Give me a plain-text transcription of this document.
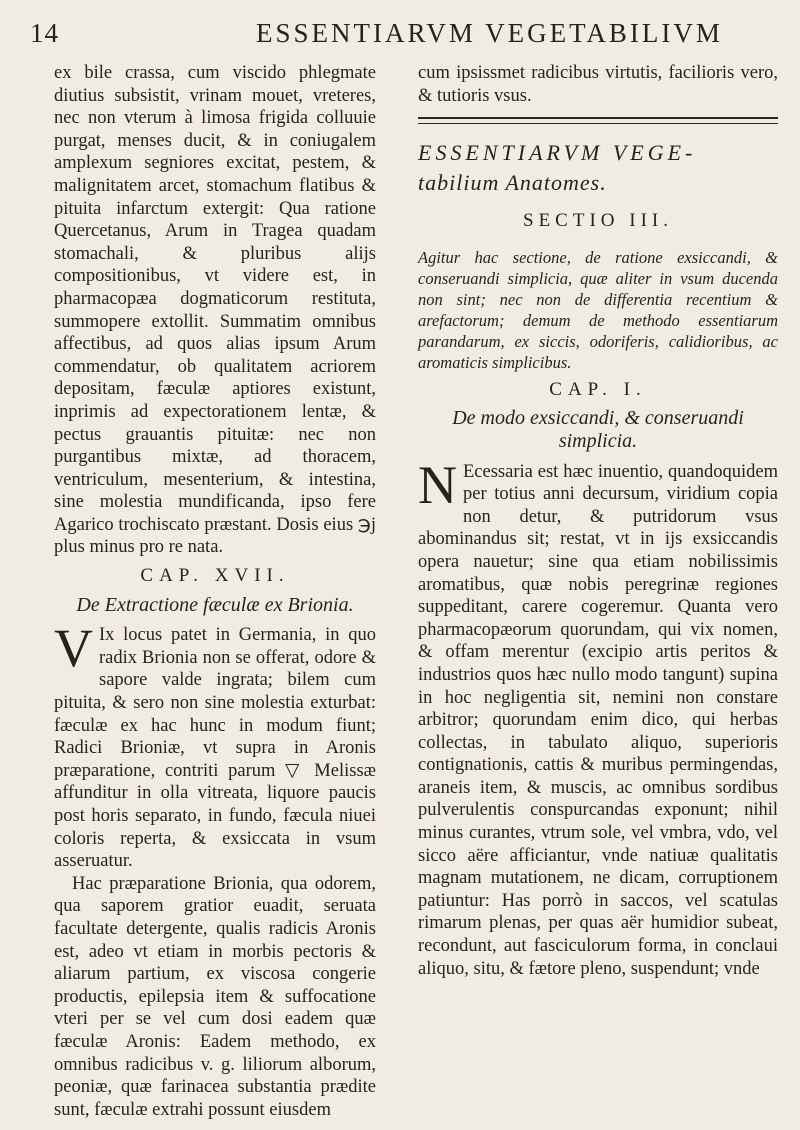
14	ESSENTIARVM VEGETABILIVM

ex bile crassa, cum viscido phlegmate diutius subsistit, vrinam mouet, vreteres, nec non vterum à limosa frigida colluuie purgat, menses ducit, & in coniugalem amplexum segniores excitat, pestem, & malignitatem arcet, stomachum flatibus & pituita infarctum extergit: Qua ratione Quercetanus, Arum in Tragea quadam stomachali, & pluribus alijs compositionibus, vt videre est, in pharmacopæa dogmaticorum restituta, summopere extollit. Summatim omnibus affectibus, ad quos alias ipsum Arum commendatur, ob qualitatem acriorem depositam, fæculæ aptiores existunt, inprimis ad expectorationem lentæ, & pectus grauantis pituitæ: nec non purgantibus mixtæ, ad thoracem, ventriculum, mesenterium, & intestina, sine molestia mundificanda, ipso fere Agarico trochiscato præstant. Dosis eius ℈j plus minus pro re nata.

CAP. XVII.
De Extractione fæculæ ex Brionia.

V Ix locus patet in Germania, in quo radix Brionia non se offerat, odore & sapore valde ingrata; bilem cum pituita, & sero non sine molestia exturbat: fæculæ ex hac hunc in modum fiunt; Radici Brioniæ, vt supra in Aronis præparatione, contriti parum ▽ Melissæ affunditur in olla vitreata, liquore paucis post horis separato, in fundo, fæcula niuei coloris reperta, & exsiccata in vsum asseruatur.

Hac præparatione Brionia, qua odorem, qua saporem gratior euadit, seruata facultate detergente, qualis radicis Aronis est, adeo vt etiam in morbis pectoris & aliarum partium, ex viscosa congerie productis, epilepsia item & suffocatione vteri per se vel cum dosi eadem quæ fæculæ Aronis: Eadem methodo, ex omnibus radicibus v. g. liliorum alborum, peoniæ, quæ farinacea substantia prædite sunt, fæculæ extrahi possunt eiusdem

cum ipsissmet radicibus virtutis, facilioris vero, & tutioris vsus.

ESSENTIARVM VEGE-
tabilium Anatomes.

SECTIO III.

Agitur hac sectione, de ratione exsiccandi, & conseruandi simplicia, quæ aliter in vsum ducenda non sint; nec non de differentia recentium & arefactorum; demum de methodo essentiarum parandarum, ex siccis, odoriferis, calidioribus, ac aromaticis simplicibus.

CAP. I.
De modo exsiccandi, & conseruandi
simplicia.

N Ecessaria est hæc inuentio, quandoquidem per totius anni decursum, viridium copia non detur, & putridorum vsus abominandus sit; restat, vt in ijs exsiccandis opera nauetur; sine qua etiam nobilissimis aromatibus, quæ nobis peregrinæ regiones suppeditant, carere cogeremur. Quanta vero pharmacopæorum quorundam, qui vix nomen, & offam merentur (excipio artis peritos & industrios quos hæc nullo modo tangunt) supina in hoc negligentia sit, nemini non constare arbitror; quorundam enim dico, qui herbas collectas, in tabulato aliquo, superioris contignationis, cattis & muribus permingendas, araneis item, & muscis, ac omnibus sordibus pulverulentis conspurcandas exponunt; nihil minus curantes, vtrum sole, vel vmbra, vdo, vel sicco aëre afficiantur, vnde natiuæ qualitatis magnam mutationem, ne dicam, corruptionem patiuntur: Has porrò in saccos, vel scatulas rimarum plenas, per quas aër humidior subeat, recondunt, aut fasciculorum forma, in conclaui aliquo, situ, & fætore pleno, suspendunt; vnde
